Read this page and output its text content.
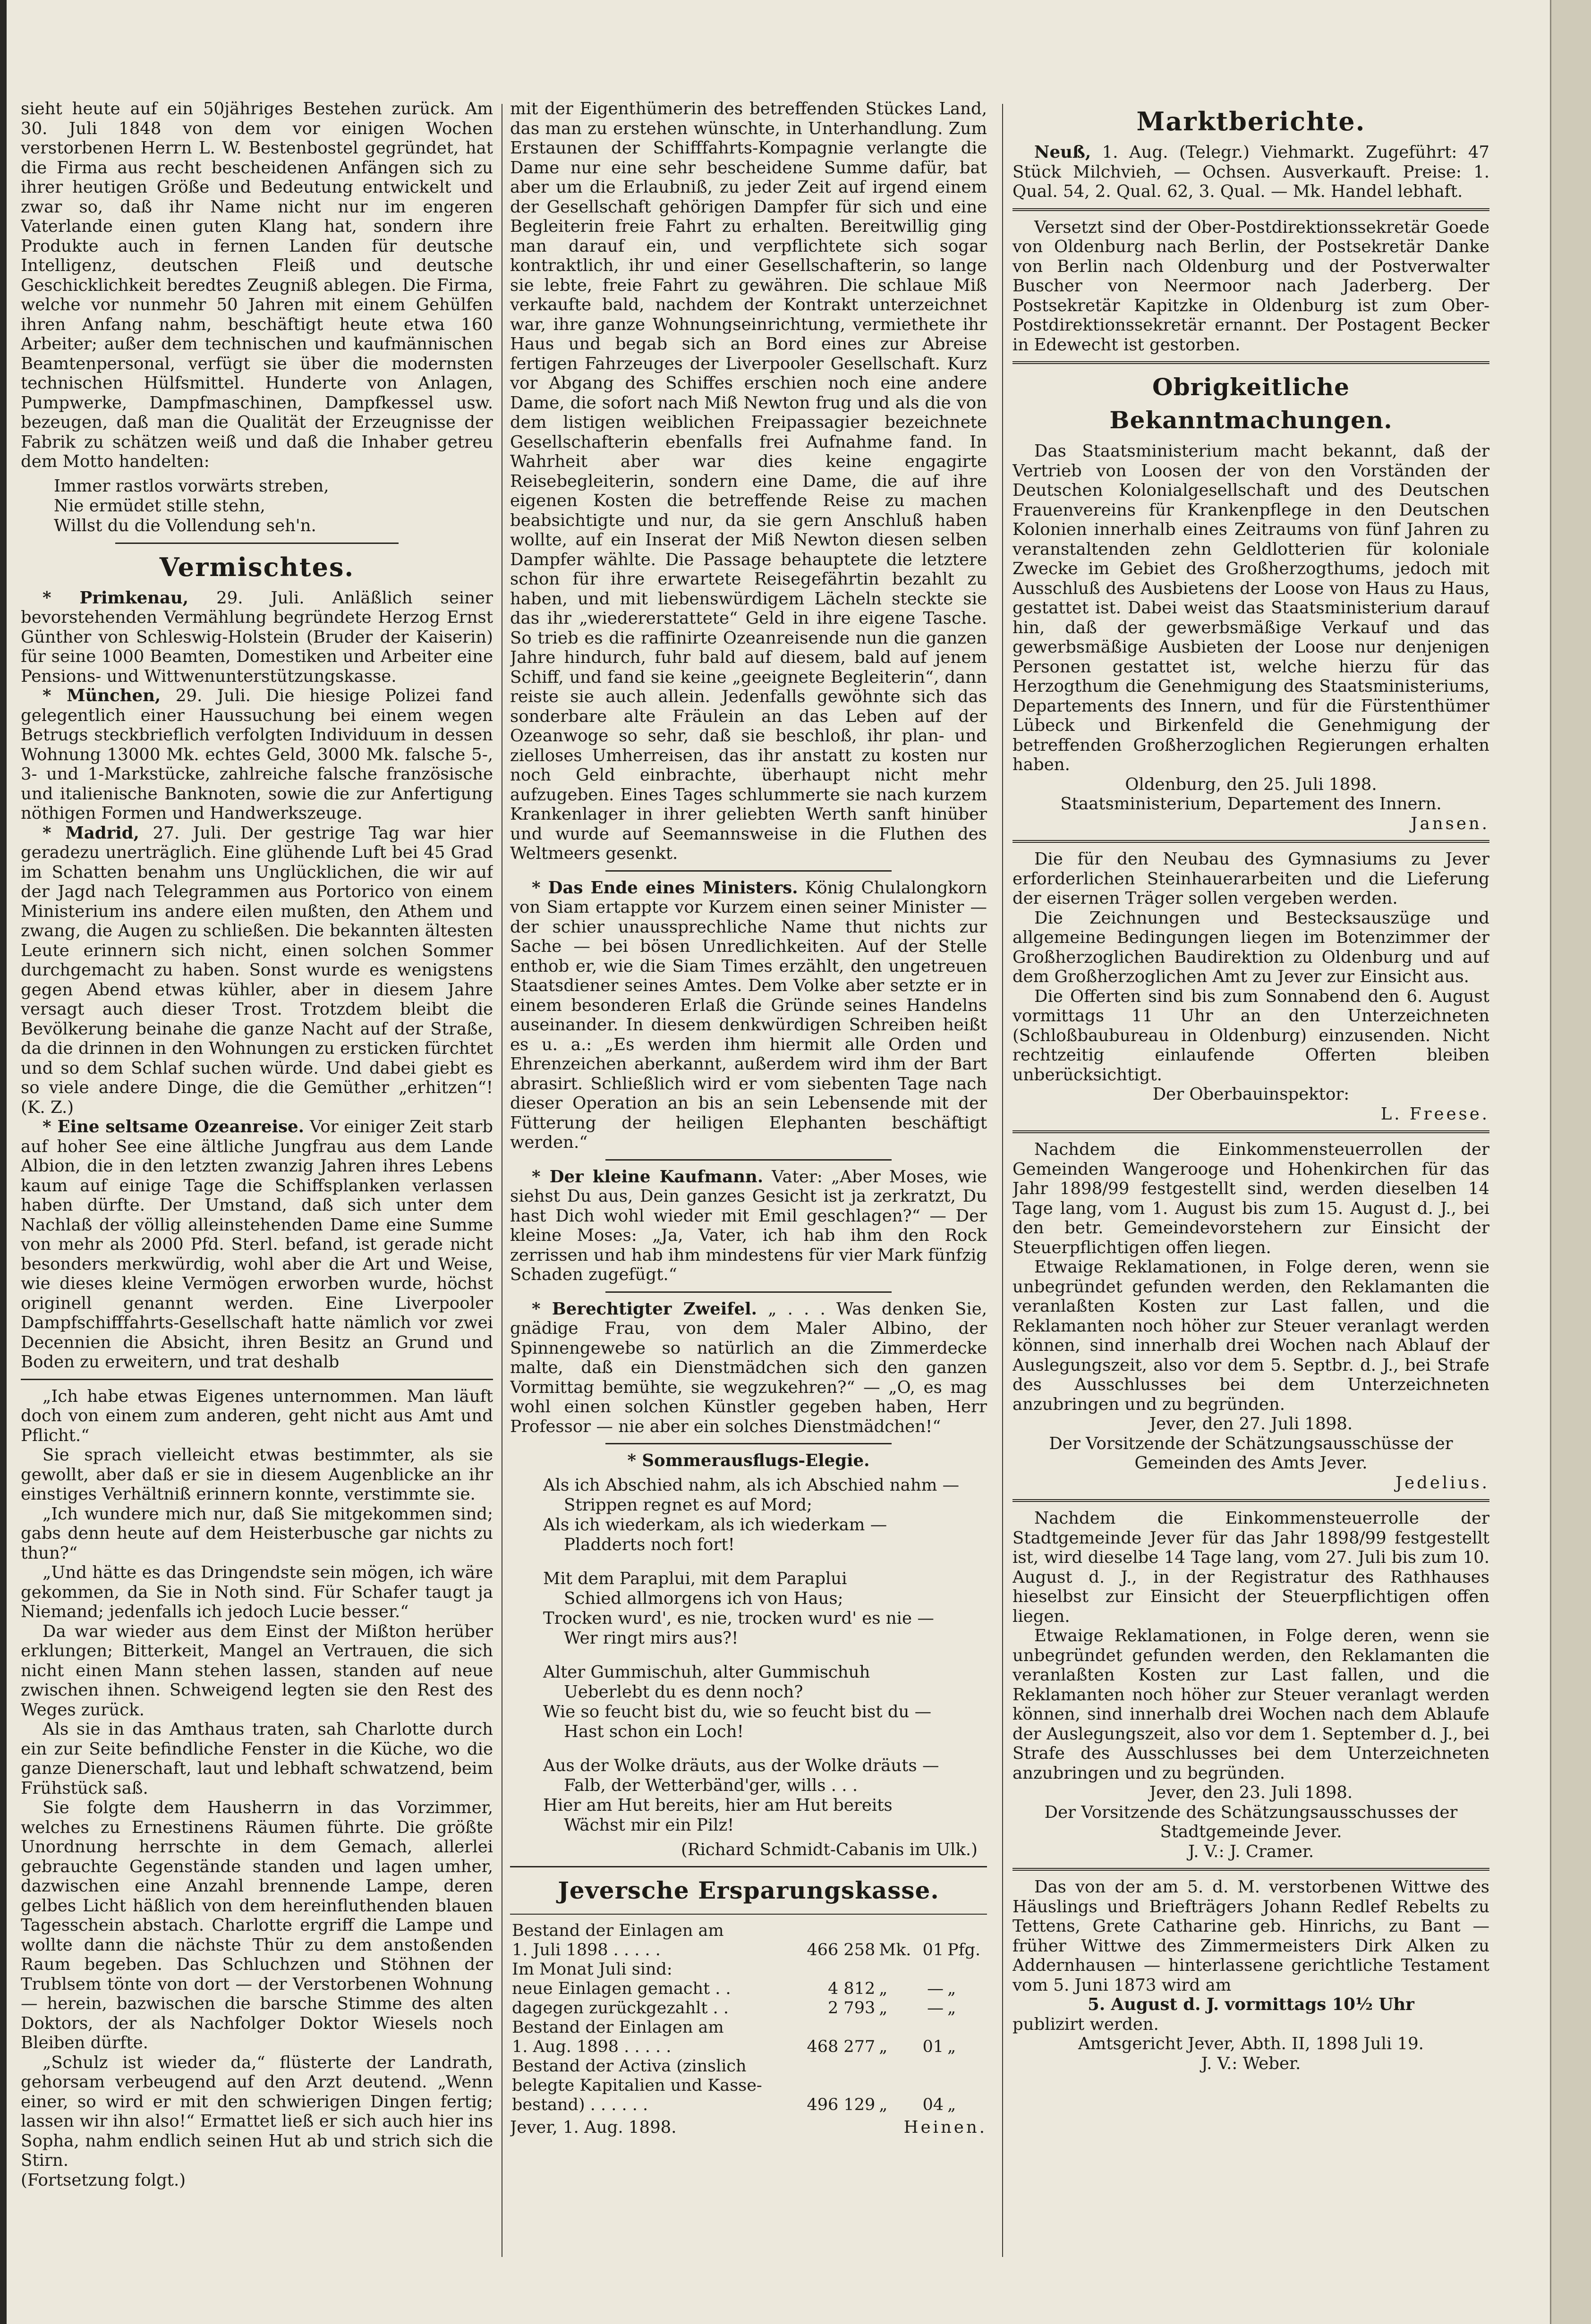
sieht heute auf ein 50jähriges Bestehen zurück. Am 30. Juli 1848 von dem vor einigen Wochen verstorbenen Herrn L. W. Bestenbostel gegründet, hat die Firma aus recht bescheidenen Anfängen sich zu ihrer heutigen Größe und Bedeutung entwickelt und zwar so, daß ihr Name nicht nur im engeren Vaterlande einen guten Klang hat, sondern ihre Produkte auch in fernen Landen für deutsche Intelligenz, deutschen Fleiß und deutsche Geschicklichkeit beredtes Zeugniß ablegen. Die Firma, welche vor nunmehr 50 Jahren mit einem Gehülfen ihren Anfang nahm, beschäftigt heute etwa 160 Arbeiter; außer dem technischen und kaufmännischen Beamtenpersonal, verfügt sie über die modernsten technischen Hülfsmittel. Hunderte von Anlagen, Pumpwerke, Dampfmaschinen, Dampfkessel usw. bezeugen, daß man die Qualität der Erzeugnisse der Fabrik zu schätzen weiß und daß die Inhaber getreu dem Motto handelten:

Immer rastlos vorwärts streben,
Nie ermüdet stille stehn,
Willst du die Vollendung seh'n.
Vermischtes.

* Primkenau, 29. Juli. Anläßlich seiner bevorstehenden Vermählung begründete Herzog Ernst Günther von Schleswig-Holstein (Bruder der Kaiserin) für seine 1000 Beamten, Domestiken und Arbeiter eine Pensions- und Wittwenunterstützungskasse.

* München, 29. Juli. Die hiesige Polizei fand gelegentlich einer Haussuchung bei einem wegen Betrugs steckbrieflich verfolgten Individuum in dessen Wohnung 13000 Mk. echtes Geld, 3000 Mk. falsche 5-, 3- und 1-Markstücke, zahlreiche falsche französische und italienische Banknoten, sowie die zur Anfertigung nöthigen Formen und Handwerkszeuge.

* Madrid, 27. Juli. Der gestrige Tag war hier geradezu unerträglich. Eine glühende Luft bei 45 Grad im Schatten benahm uns Unglücklichen, die wir auf der Jagd nach Telegrammen aus Portorico von einem Ministerium ins andere eilen mußten, den Athem und zwang, die Augen zu schließen. Die bekannten ältesten Leute erinnern sich nicht, einen solchen Sommer durchgemacht zu haben. Sonst wurde es wenigstens gegen Abend etwas kühler, aber in diesem Jahre versagt auch dieser Trost. Trotzdem bleibt die Bevölkerung beinahe die ganze Nacht auf der Straße, da die drinnen in den Wohnungen zu ersticken fürchtet und so dem Schlaf suchen würde. Und dabei giebt es so viele andere Dinge, die die Gemüther „erhitzen“! (K. Z.)

* Eine seltsame Ozeanreise. Vor einiger Zeit starb auf hoher See eine ältliche Jungfrau aus dem Lande Albion, die in den letzten zwanzig Jahren ihres Lebens kaum auf einige Tage die Schiffsplanken verlassen haben dürfte. Der Umstand, daß sich unter dem Nachlaß der völlig alleinstehenden Dame eine Summe von mehr als 2000 Pfd. Sterl. befand, ist gerade nicht besonders merkwürdig, wohl aber die Art und Weise, wie dieses kleine Vermögen erworben wurde, höchst originell genannt werden. Eine Liverpooler Dampfschifffahrts-Gesellschaft hatte nämlich vor zwei Decennien die Absicht, ihren Besitz an Grund und Boden zu erweitern, und trat deshalb

„Ich habe etwas Eigenes unternommen. Man läuft doch von einem zum anderen, geht nicht aus Amt und Pflicht.“

Sie sprach vielleicht etwas bestimmter, als sie gewollt, aber daß er sie in diesem Augenblicke an ihr einstiges Verhältniß erinnern konnte, verstimmte sie.

„Ich wundere mich nur, daß Sie mitgekommen sind; gabs denn heute auf dem Heisterbusche gar nichts zu thun?“

„Und hätte es das Dringendste sein mögen, ich wäre gekommen, da Sie in Noth sind. Für Schafer taugt ja Niemand; jedenfalls ich jedoch Lucie besser.“

Da war wieder aus dem Einst der Mißton herüber erklungen; Bitterkeit, Mangel an Vertrauen, die sich nicht einen Mann stehen lassen, standen auf neue zwischen ihnen. Schweigend legten sie den Rest des Weges zurück.

Als sie in das Amthaus traten, sah Charlotte durch ein zur Seite befindliche Fenster in die Küche, wo die ganze Dienerschaft, laut und lebhaft schwatzend, beim Frühstück saß.

Sie folgte dem Hausherrn in das Vorzimmer, welches zu Ernestinens Räumen führte. Die größte Unordnung herrschte in dem Gemach, allerlei gebrauchte Gegenstände standen und lagen umher, dazwischen eine Anzahl brennende Lampe, deren gelbes Licht häßlich von dem hereinfluthenden blauen Tagesschein abstach. Charlotte ergriff die Lampe und wollte dann die nächste Thür zu dem anstoßenden Raum begeben. Das Schluchzen und Stöhnen der Trublsem tönte von dort — der Verstorbenen Wohnung — herein, bazwischen die barsche Stimme des alten Doktors, der als Nachfolger Doktor Wiesels noch Bleiben dürfte.

„Schulz ist wieder da,“ flüsterte der Landrath, gehorsam verbeugend auf den Arzt deutend. „Wenn einer, so wird er mit den schwierigen Dingen fertig; lassen wir ihn also!“ Ermattet ließ er sich auch hier ins Sopha, nahm endlich seinen Hut ab und strich sich die Stirn.

(Fortsetzung folgt.)

mit der Eigenthümerin des betreffenden Stückes Land, das man zu erstehen wünschte, in Unterhandlung. Zum Erstaunen der Schifffahrts-Kompagnie verlangte die Dame nur eine sehr bescheidene Summe dafür, bat aber um die Erlaubniß, zu jeder Zeit auf irgend einem der Gesellschaft gehörigen Dampfer für sich und eine Begleiterin freie Fahrt zu erhalten. Bereitwillig ging man darauf ein, und verpflichtete sich sogar kontraktlich, ihr und einer Gesellschafterin, so lange sie lebte, freie Fahrt zu gewähren. Die schlaue Miß verkaufte bald, nachdem der Kontrakt unterzeichnet war, ihre ganze Wohnungseinrichtung, vermiethete ihr Haus und begab sich an Bord eines zur Abreise fertigen Fahrzeuges der Liverpooler Gesellschaft. Kurz vor Abgang des Schiffes erschien noch eine andere Dame, die sofort nach Miß Newton frug und als die von dem listigen weiblichen Freipassagier bezeichnete Gesellschafterin ebenfalls frei Aufnahme fand. In Wahrheit aber war dies keine engagirte Reisebegleiterin, sondern eine Dame, die auf ihre eigenen Kosten die betreffende Reise zu machen beabsichtigte und nur, da sie gern Anschluß haben wollte, auf ein Inserat der Miß Newton diesen selben Dampfer wählte. Die Passage behauptete die letztere schon für ihre erwartete Reisegefährtin bezahlt zu haben, und mit liebenswürdigem Lächeln steckte sie das ihr „wiedererstattete“ Geld in ihre eigene Tasche. So trieb es die raffinirte Ozeanreisende nun die ganzen Jahre hindurch, fuhr bald auf diesem, bald auf jenem Schiff, und fand sie keine „geeignete Begleiterin“, dann reiste sie auch allein. Jedenfalls gewöhnte sich das sonderbare alte Fräulein an das Leben auf der Ozeanwoge so sehr, daß sie beschloß, ihr plan- und zielloses Umherreisen, das ihr anstatt zu kosten nur noch Geld einbrachte, überhaupt nicht mehr aufzugeben. Eines Tages schlummerte sie nach kurzem Krankenlager in ihrer geliebten Werth sanft hinüber und wurde auf Seemannsweise in die Fluthen des Weltmeers gesenkt.

* Das Ende eines Ministers. König Chulalongkorn von Siam ertappte vor Kurzem einen seiner Minister — der schier unaussprechliche Name thut nichts zur Sache — bei bösen Unredlichkeiten. Auf der Stelle enthob er, wie die Siam Times erzählt, den ungetreuen Staatsdiener seines Amtes. Dem Volke aber setzte er in einem besonderen Erlaß die Gründe seines Handelns auseinander. In diesem denkwürdigen Schreiben heißt es u. a.: „Es werden ihm hiermit alle Orden und Ehrenzeichen aberkannt, außerdem wird ihm der Bart abrasirt. Schließlich wird er vom siebenten Tage nach dieser Operation an bis an sein Lebensende mit der Fütterung der heiligen Elephanten beschäftigt werden.“

* Der kleine Kaufmann. Vater: „Aber Moses, wie siehst Du aus, Dein ganzes Gesicht ist ja zerkratzt, Du hast Dich wohl wieder mit Emil geschlagen?“ — Der kleine Moses: „Ja, Vater, ich hab ihm den Rock zerrissen und hab ihm mindestens für vier Mark fünfzig Schaden zugefügt.“

* Berechtigter Zweifel. „ . . . Was denken Sie, gnädige Frau, von dem Maler Albino, der Spinnengewebe so natürlich an die Zimmerdecke malte, daß ein Dienstmädchen sich den ganzen Vormittag bemühte, sie wegzukehren?“ — „O, es mag wohl einen solchen Künstler gegeben haben, Herr Professor — nie aber ein solches Dienstmädchen!“

* Sommerausflugs-Elegie.
Als ich Abschied nahm, als ich Abschied nahm —
Strippen regnet es auf Mord;
Als ich wiederkam, als ich wiederkam —
Pladderts noch fort!
Mit dem Paraplui, mit dem Paraplui
Schied allmorgens ich von Haus;
Trocken wurd', es nie, trocken wurd' es nie —
Wer ringt mirs aus?!
Alter Gummischuh, alter Gummischuh
Ueberlebt du es denn noch?
Wie so feucht bist du, wie so feucht bist du —
Hast schon ein Loch!
Aus der Wolke dräuts, aus der Wolke dräuts —
Falb, der Wetterbänd'ger, wills . . .
Hier am Hut bereits, hier am Hut bereits
Wächst mir ein Pilz!
(Richard Schmidt-Cabanis im Ulk.)
Jeversche Ersparungskasse.
Bestand der Einlagen am				
1. Juli 1898 . . . . .	466 258	Mk.	01	Pfg.
Im Monat Juli sind:				
neue Einlagen gemacht . .	4 812	„	—	„
dagegen zurückgezahlt . .	2 793	„	—	„
Bestand der Einlagen am				
1. Aug. 1898 . . . . .	468 277	„	01	„
Bestand der Activa (zinslich				
belegte Kapitalien und Kasse-				
bestand) . . . . . .	496 129	„	04	„
Jever, 1. Aug. 1898.	Heinen.
Marktberichte.

Neuß, 1. Aug. (Telegr.) Viehmarkt. Zugeführt: 47 Stück Milchvieh, — Ochsen. Ausverkauft. Preise: 1. Qual. 54, 2. Qual. 62, 3. Qual. — Mk. Handel lebhaft.

Versetzt sind der Ober-Postdirektionssekretär Goede von Oldenburg nach Berlin, der Postsekretär Danke von Berlin nach Oldenburg und der Postverwalter Buscher von Neermoor nach Jaderberg. Der Postsekretär Kapitzke in Oldenburg ist zum Ober-Postdirektionssekretär ernannt. Der Postagent Becker in Edewecht ist gestorben.

Obrigkeitliche Bekanntmachungen.

Das Staatsministerium macht bekannt, daß der Vertrieb von Loosen der von den Vorständen der Deutschen Kolonialgesellschaft und des Deutschen Frauenvereins für Krankenpflege in den Deutschen Kolonien innerhalb eines Zeitraums von fünf Jahren zu veranstaltenden zehn Geldlotterien für koloniale Zwecke im Gebiet des Großherzogthums, jedoch mit Ausschluß des Ausbietens der Loose von Haus zu Haus, gestattet ist. Dabei weist das Staatsministerium darauf hin, daß der gewerbsmäßige Verkauf und das gewerbsmäßige Ausbieten der Loose nur denjenigen Personen gestattet ist, welche hierzu für das Herzogthum die Genehmigung des Staatsministeriums, Departements des Innern, und für die Fürstenthümer Lübeck und Birkenfeld die Genehmigung der betreffenden Großherzoglichen Regierungen erhalten haben.

Oldenburg, den 25. Juli 1898.
Staatsministerium, Departement des Innern.
Jansen.

Die für den Neubau des Gymnasiums zu Jever erforderlichen Steinhauerarbeiten und die Lieferung der eisernen Träger sollen vergeben werden.

Die Zeichnungen und Bestecksauszüge und allgemeine Bedingungen liegen im Botenzimmer der Großherzoglichen Baudirektion zu Oldenburg und auf dem Großherzoglichen Amt zu Jever zur Einsicht aus.

Die Offerten sind bis zum Sonnabend den 6. August vormittags 11 Uhr an den Unterzeichneten (Schloßbaubureau in Oldenburg) einzusenden. Nicht rechtzeitig einlaufende Offerten bleiben unberücksichtigt.

Der Oberbauinspektor:
L. Freese.

Nachdem die Einkommensteuerrollen der Gemeinden Wangerooge und Hohenkirchen für das Jahr 1898/99 festgestellt sind, werden dieselben 14 Tage lang, vom 1. August bis zum 15. August d. J., bei den betr. Gemeindevorstehern zur Einsicht der Steuerpflichtigen offen liegen.

Etwaige Reklamationen, in Folge deren, wenn sie unbegründet gefunden werden, den Reklamanten die veranlaßten Kosten zur Last fallen, und die Reklamanten noch höher zur Steuer veranlagt werden können, sind innerhalb drei Wochen nach Ablauf der Auslegungszeit, also vor dem 5. Septbr. d. J., bei Strafe des Ausschlusses bei dem Unterzeichneten anzubringen und zu begründen.

Jever, den 27. Juli 1898.
Der Vorsitzende der Schätzungsausschüsse der Gemeinden des Amts Jever.
Jedelius.

Nachdem die Einkommensteuerrolle der Stadtgemeinde Jever für das Jahr 1898/99 festgestellt ist, wird dieselbe 14 Tage lang, vom 27. Juli bis zum 10. August d. J., in der Registratur des Rathhauses hieselbst zur Einsicht der Steuerpflichtigen offen liegen.

Etwaige Reklamationen, in Folge deren, wenn sie unbegründet gefunden werden, den Reklamanten die veranlaßten Kosten zur Last fallen, und die Reklamanten noch höher zur Steuer veranlagt werden können, sind innerhalb drei Wochen nach dem Ablaufe der Auslegungszeit, also vor dem 1. September d. J., bei Strafe des Ausschlusses bei dem Unterzeichneten anzubringen und zu begründen.

Jever, den 23. Juli 1898.
Der Vorsitzende des Schätzungsausschusses der Stadtgemeinde Jever.
J. V.: J. Cramer.

Das von der am 5. d. M. verstorbenen Wittwe des Häuslings und Briefträgers Johann Redlef Rebelts zu Tettens, Grete Catharine geb. Hinrichs, zu Bant — früher Wittwe des Zimmermeisters Dirk Alken zu Addernhausen — hinterlassene gerichtliche Testament vom 5. Juni 1873 wird am

5. August d. J. vormittags 10½ Uhr
publizirt werden.
Amtsgericht Jever, Abth. II, 1898 Juli 19.
J. V.: Weber.
